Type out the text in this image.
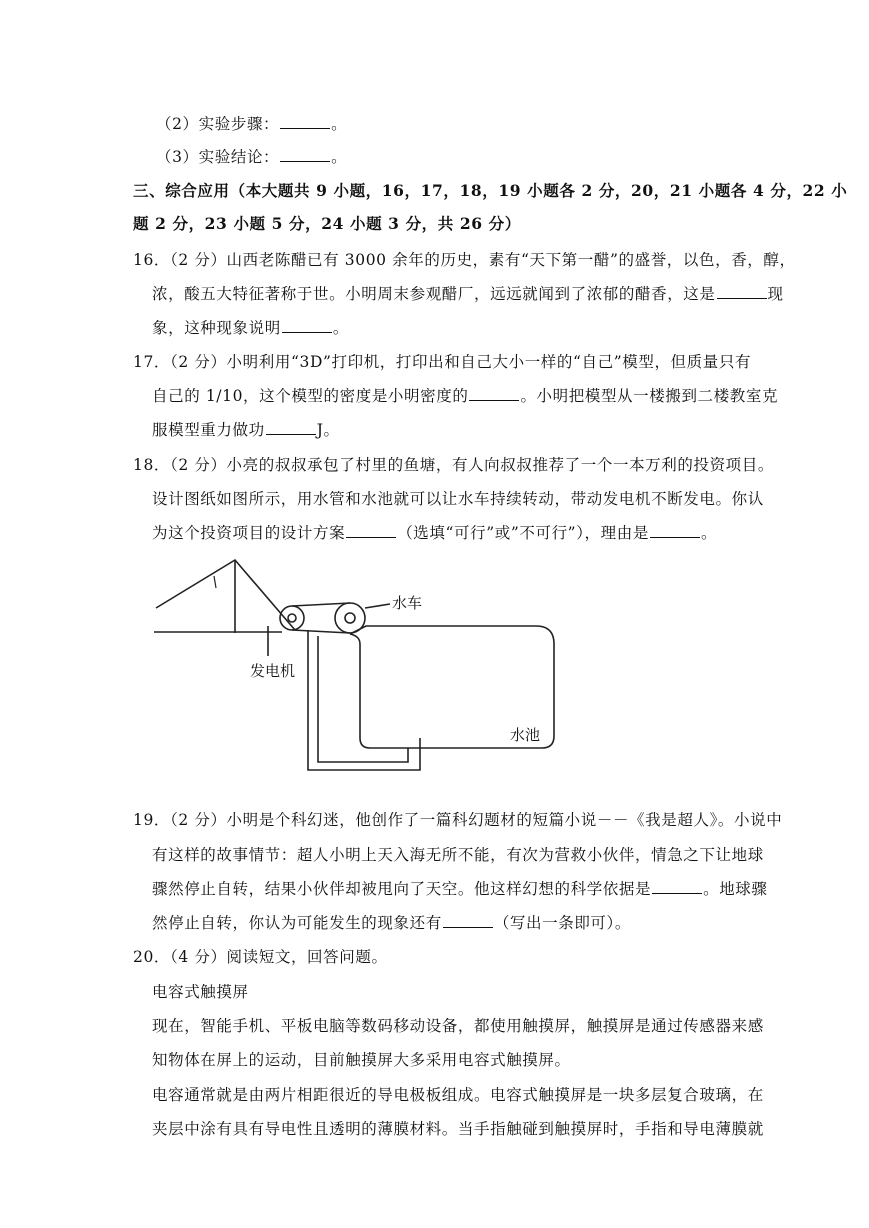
（2）实验步骤：	。
（3）实验结论：	。
三、综合应用（本大题共 9 小题，16，17，18，19 小题各 2 分，20，21 小题各 4 分，22 小
题 2 分，23 小题 5 分，24 小题 3 分，共 26 分）
16．（2 分）山西老陈醋已有 3000 余年的历史，素有“天下第一醋”的盛誉，以色，香，醇，
浓，酸五大特征著称于世。小明周末参观醋厂，远远就闻到了浓郁的醋香，这是	现
象，这种现象说明	。
17．（2 分）小明利用“3D”打印机，打印出和自己大小一样的“自己”模型，但质量只有
自己的 1/10，这个模型的密度是小明密度的	。小明把模型从一楼搬到二楼教室克
服模型重力做功	J。
18．（2 分）小亮的叔叔承包了村里的鱼塘，有人向叔叔推荐了一个一本万利的投资项目。
设计图纸如图所示，用水管和水池就可以让水车持续转动，带动发电机不断发电。你认
为这个投资项目的设计方案	（选填“可行”或”不可行”），理由是	。
水车
发电机
水池
19．（2 分）小明是个科幻迷，他创作了一篇科幻题材的短篇小说－－《我是超人》。小说中
有这样的故事情节：超人小明上天入海无所不能，有次为营救小伙伴，情急之下让地球
骤然停止自转，结果小伙伴却被甩向了天空。他这样幻想的科学依据是	。地球骤
然停止自转，你认为可能发生的现象还有	（写出一条即可）。
20．（4 分）阅读短文，回答问题。
电容式触摸屏
现在，智能手机、平板电脑等数码移动设备，都使用触摸屏，触摸屏是通过传感器来感
知物体在屏上的运动，目前触摸屏大多采用电容式触摸屏。
电容通常就是由两片相距很近的导电极板组成。电容式触摸屏是一块多层复合玻璃，在
夹层中涂有具有导电性且透明的薄膜材料。当手指触碰到触摸屏时，手指和导电薄膜就
